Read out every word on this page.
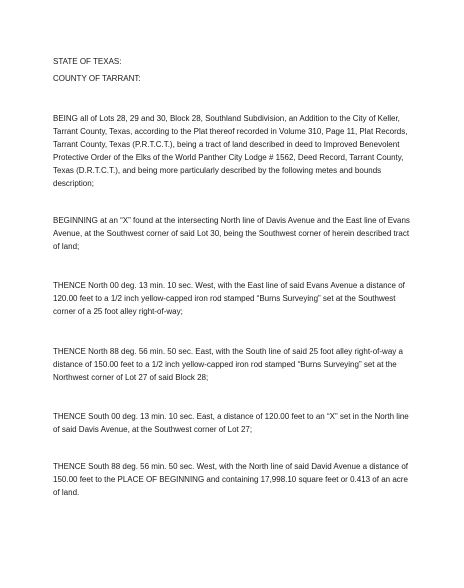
STATE OF TEXAS:

COUNTY OF TARRANT:

BEING all of Lots 28, 29 and 30, Block 28, Southland Subdivision, an Addition to the City of Keller, Tarrant County, Texas, according to the Plat thereof recorded in Volume 310, Page 11, Plat Records, Tarrant County, Texas (P.R.T.C.T.), being a tract of land described in deed to Improved Benevolent Protective Order of the Elks of the World Panther City Lodge # 1562, Deed Record, Tarrant County, Texas (D.R.T.C.T.), and being more particularly described by the following metes and bounds description;

BEGINNING at an “X” found at the intersecting North line of Davis Avenue and the East line of Evans Avenue, at the Southwest corner of said Lot 30, being the Southwest corner of herein described tract of land;

THENCE North 00 deg. 13 min. 10 sec. West, with the East line of said Evans Avenue a distance of 120.00 feet to a 1/2 inch yellow-capped iron rod stamped “Burns Surveying” set at the Southwest corner of a 25 foot alley right-of-way;

THENCE North 88 deg. 56 min. 50 sec. East, with the South line of said 25 foot alley right-of-way a distance of 150.00 feet to a 1/2 inch yellow-capped iron rod stamped “Burns Surveying” set at the Northwest corner of Lot 27 of said Block 28;

THENCE South 00 deg. 13 min. 10 sec. East, a distance of 120.00 feet to an “X” set in the North line of said Davis Avenue, at the Southwest corner of Lot 27;

THENCE South 88 deg. 56 min. 50 sec. West, with the North line of said David Avenue a distance of 150.00 feet to the PLACE OF BEGINNING and containing 17,998.10 square feet or 0.413 of an acre of land.
